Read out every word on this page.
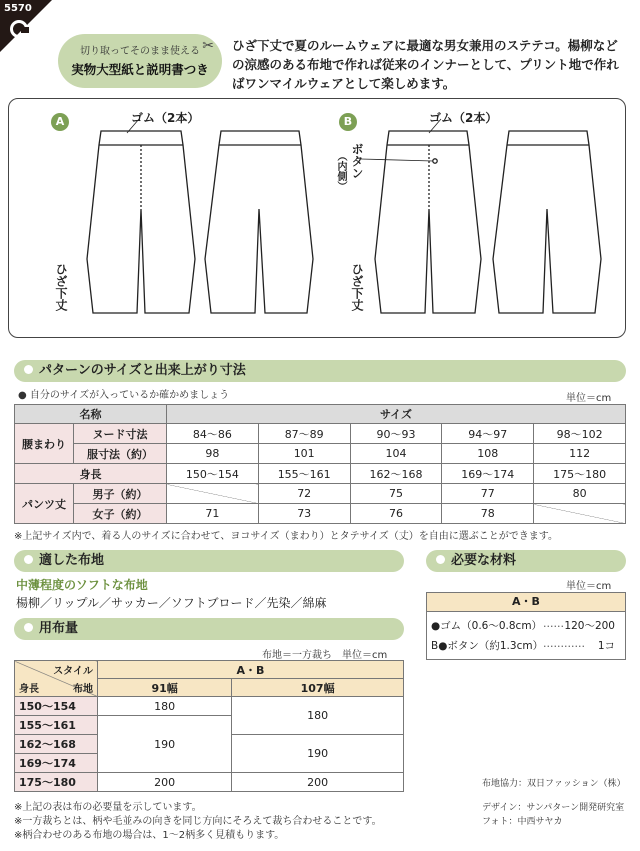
5570
切り取ってそのまま使える
実物大型紙と説明書つき
✂ ひざ下丈で夏のルームウェアに最適な男女兼用のステテコ。楊柳などの涼感のある布地で作れば従来のインナーとして、プリント地で作ればワンマイルウェアとして楽しめます。
A	ゴム（2本）
ひざ下丈
B	ゴム（2本）
ボタン
（内側）
ひざ下丈
パターンのサイズと出来上がり寸法
● 自分のサイズが入っているか確かめましょう	単位＝cm
名称		サイズ				
腰まわり	ヌード寸法	84〜86	87〜89	90〜93	94〜97	98〜102
	服寸法（約）	98	101	104	108	112
身長		150〜154	155〜161	162〜168	169〜174	175〜180
パンツ丈	男子（約）		72	75	77	80
	女子（約）	71	73	76	78	
※上記サイズ内で、着る人のサイズに合わせて、ヨコサイズ（まわり）とタテサイズ（丈）を自由に選ぶことができます。
適した布地
中薄程度のソフトな布地
楊柳／リップル／サッカー／ソフトブロード／先染／綿麻
用布量
布地＝一方裁ち　単位＝cm
スタイル
身長 布地	A・B	
	91幅	107幅
150〜154	180	180
155〜161	190	
162〜168		190
169〜174		
175〜180	200	200
必要な材料
単位＝cm
A・B
●ゴム（0.6〜0.8cm） …… 120〜200
B●ボタン（約1.3cm） ………… 1コ
布地協力：双日ファッション（株）
デザイン：サンパターン開発研究室
フォト：中西サヤカ
※上記の表は布の必要量を示しています。
※一方裁ちとは、柄や毛並みの向きを同じ方向にそろえて裁ち合わせることです。
※柄合わせのある布地の場合は、1〜2柄多く見積もります。
